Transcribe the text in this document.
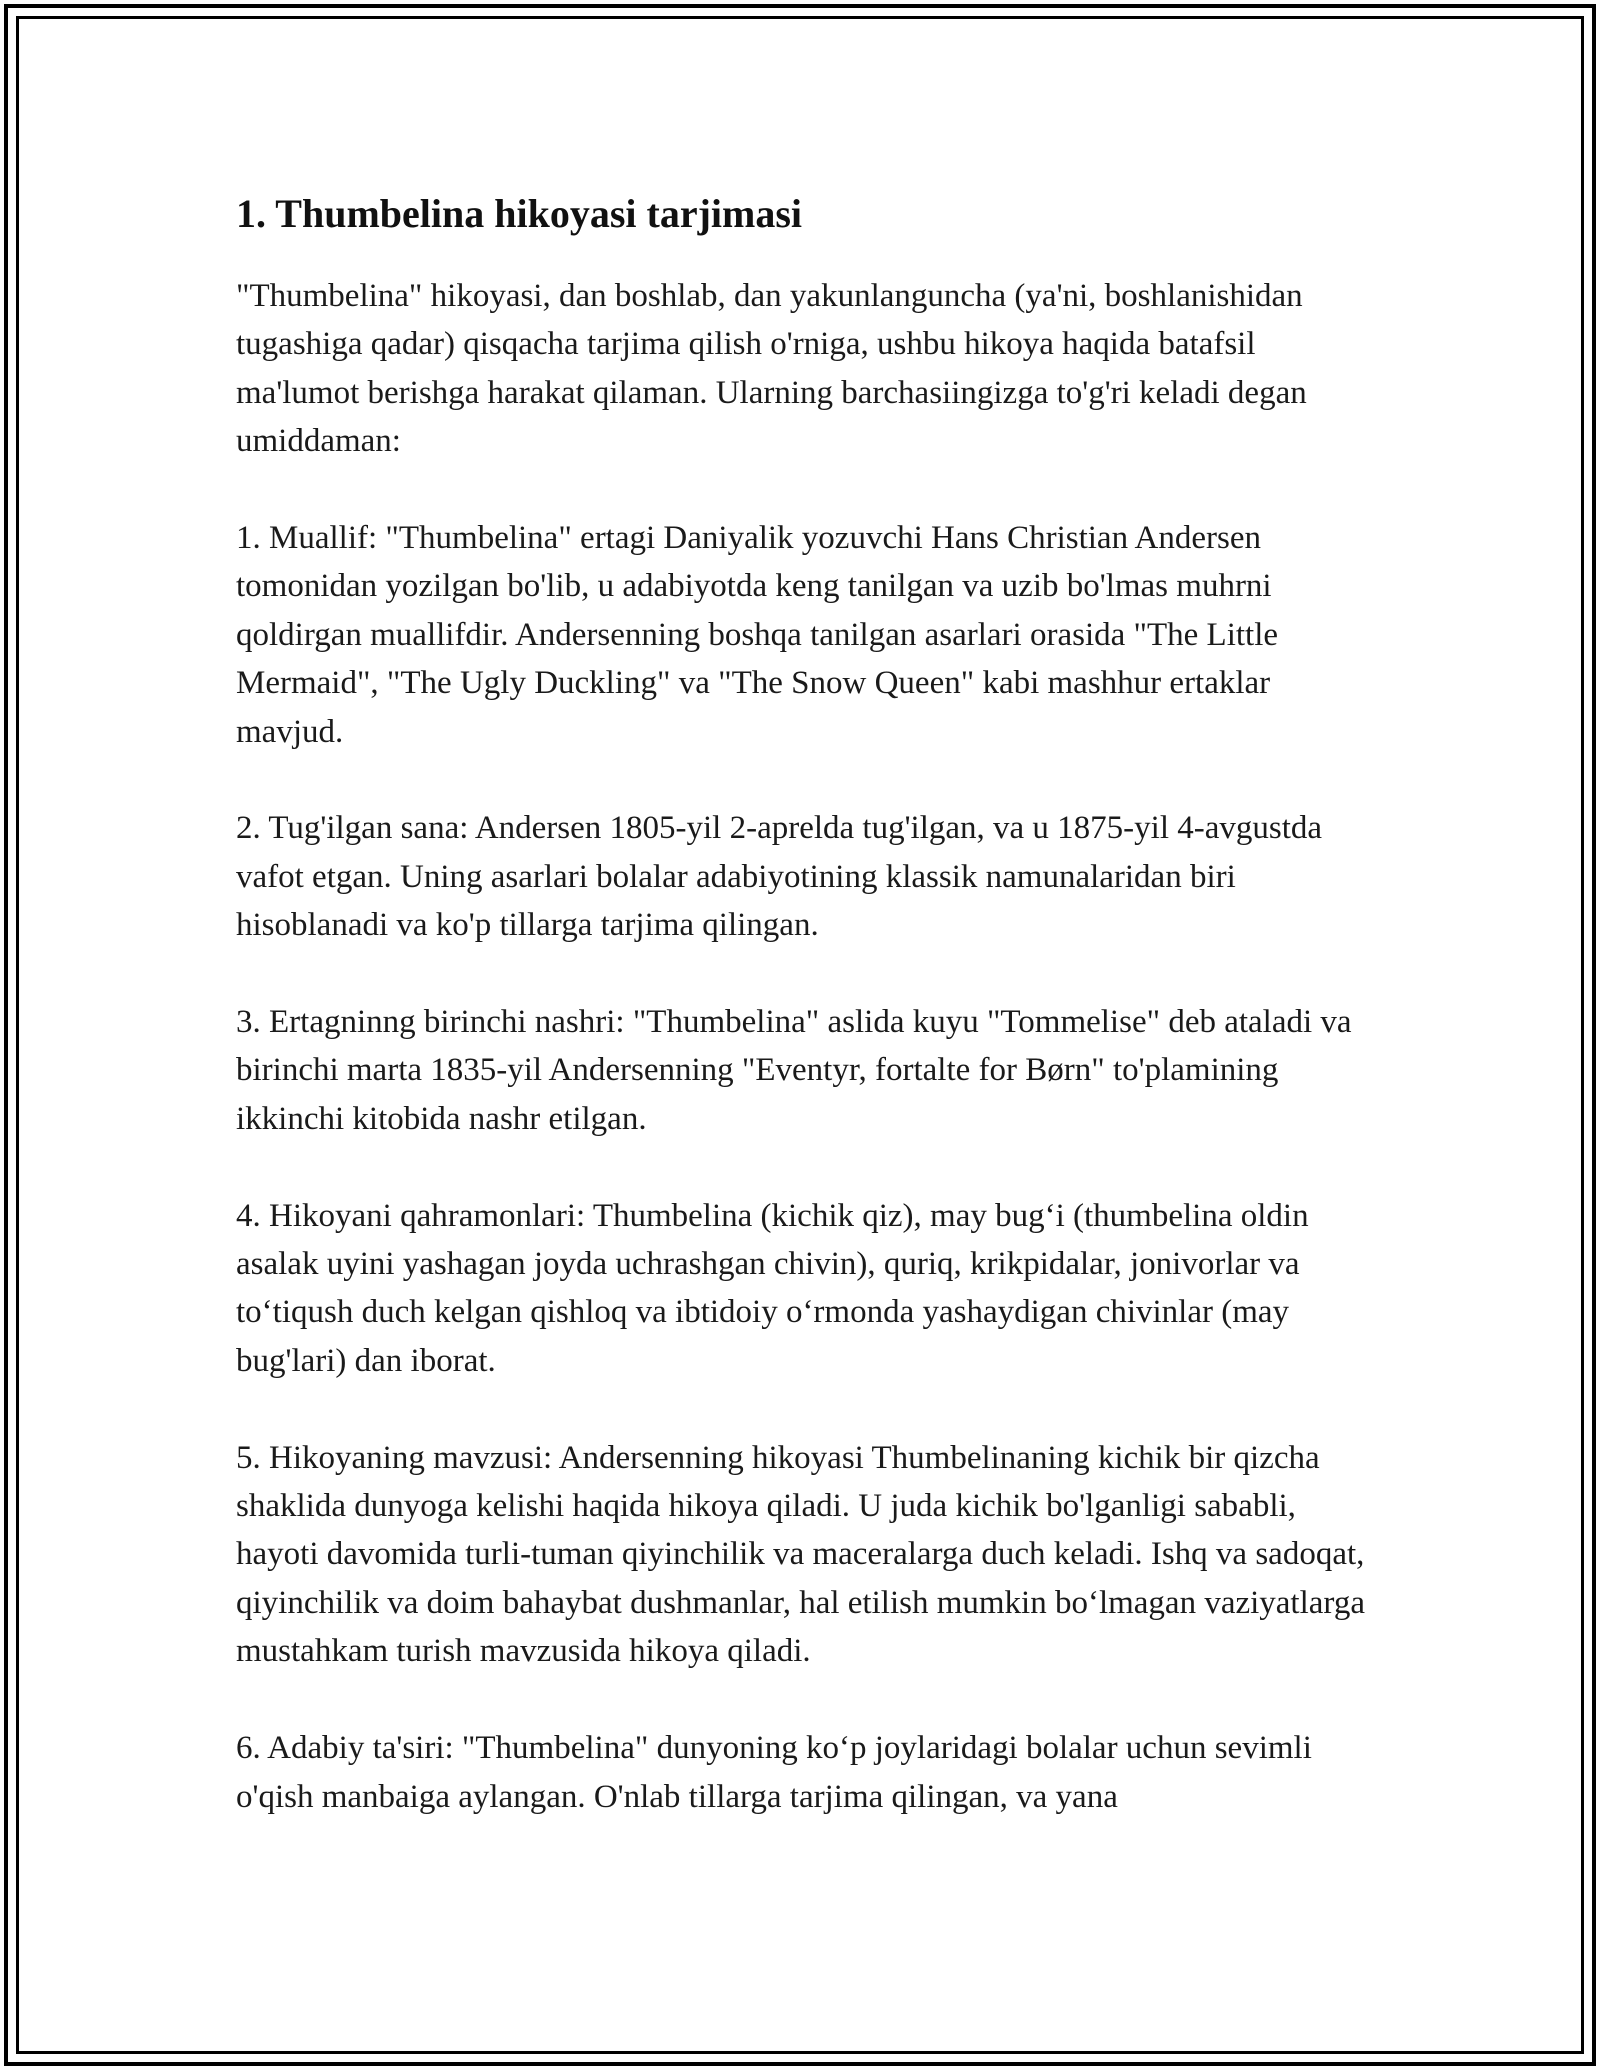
1. Thumbelina hikoyasi tarjimasi

"Thumbelina" hikoyasi, dan boshlab, dan yakunlanguncha (ya'ni, boshlanishidan tugashiga qadar) qisqacha tarjima qilish o'rniga, ushbu hikoya haqida batafsil ma'lumot berishga harakat qilaman. Ularning barchasiingizga to'g'ri keladi degan umiddaman:

1. Muallif: "Thumbelina" ertagi Daniyalik yozuvchi Hans Christian Andersen tomonidan yozilgan bo'lib, u adabiyotda keng tanilgan va uzib bo'lmas muhrni qoldirgan muallifdir. Andersenning boshqa tanilgan asarlari orasida "The Little Mermaid", "The Ugly Duckling" va "The Snow Queen" kabi mashhur ertaklar mavjud.

2. Tug'ilgan sana: Andersen 1805-yil 2-aprelda tug'ilgan, va u 1875-yil 4-avgustda vafot etgan. Uning asarlari bolalar adabiyotining klassik namunalaridan biri hisoblanadi va ko'p tillarga tarjima qilingan.

3. Ertagninng birinchi nashri: "Thumbelina" aslida kuyu "Tommelise" deb ataladi va birinchi marta 1835-yil Andersenning "Eventyr, fortalte for Børn" to'plamining ikkinchi kitobida nashr etilgan.

4. Hikoyani qahramonlari: Thumbelina (kichik qiz), may bug‘i (thumbelina oldin asalak uyini yashagan joyda uchrashgan chivin), quriq, krikpidalar, jonivorlar va to‘tiqush duch kelgan qishloq va ibtidoiy o‘rmonda yashaydigan chivinlar (may bug'lari) dan iborat.

5. Hikoyaning mavzusi: Andersenning hikoyasi Thumbelinaning kichik bir qizcha shaklida dunyoga kelishi haqida hikoya qiladi. U juda kichik bo'lganligi sababli, hayoti davomida turli-tuman qiyinchilik va maceralarga duch keladi. Ishq va sadoqat, qiyinchilik va doim bahaybat dushmanlar, hal etilish mumkin bo‘lmagan vaziyatlarga mustahkam turish mavzusida hikoya qiladi.

6. Adabiy ta'siri: "Thumbelina" dunyoning ko‘p joylaridagi bolalar uchun sevimli o'qish manbaiga aylangan. O'nlab tillarga tarjima qilingan, va yana
